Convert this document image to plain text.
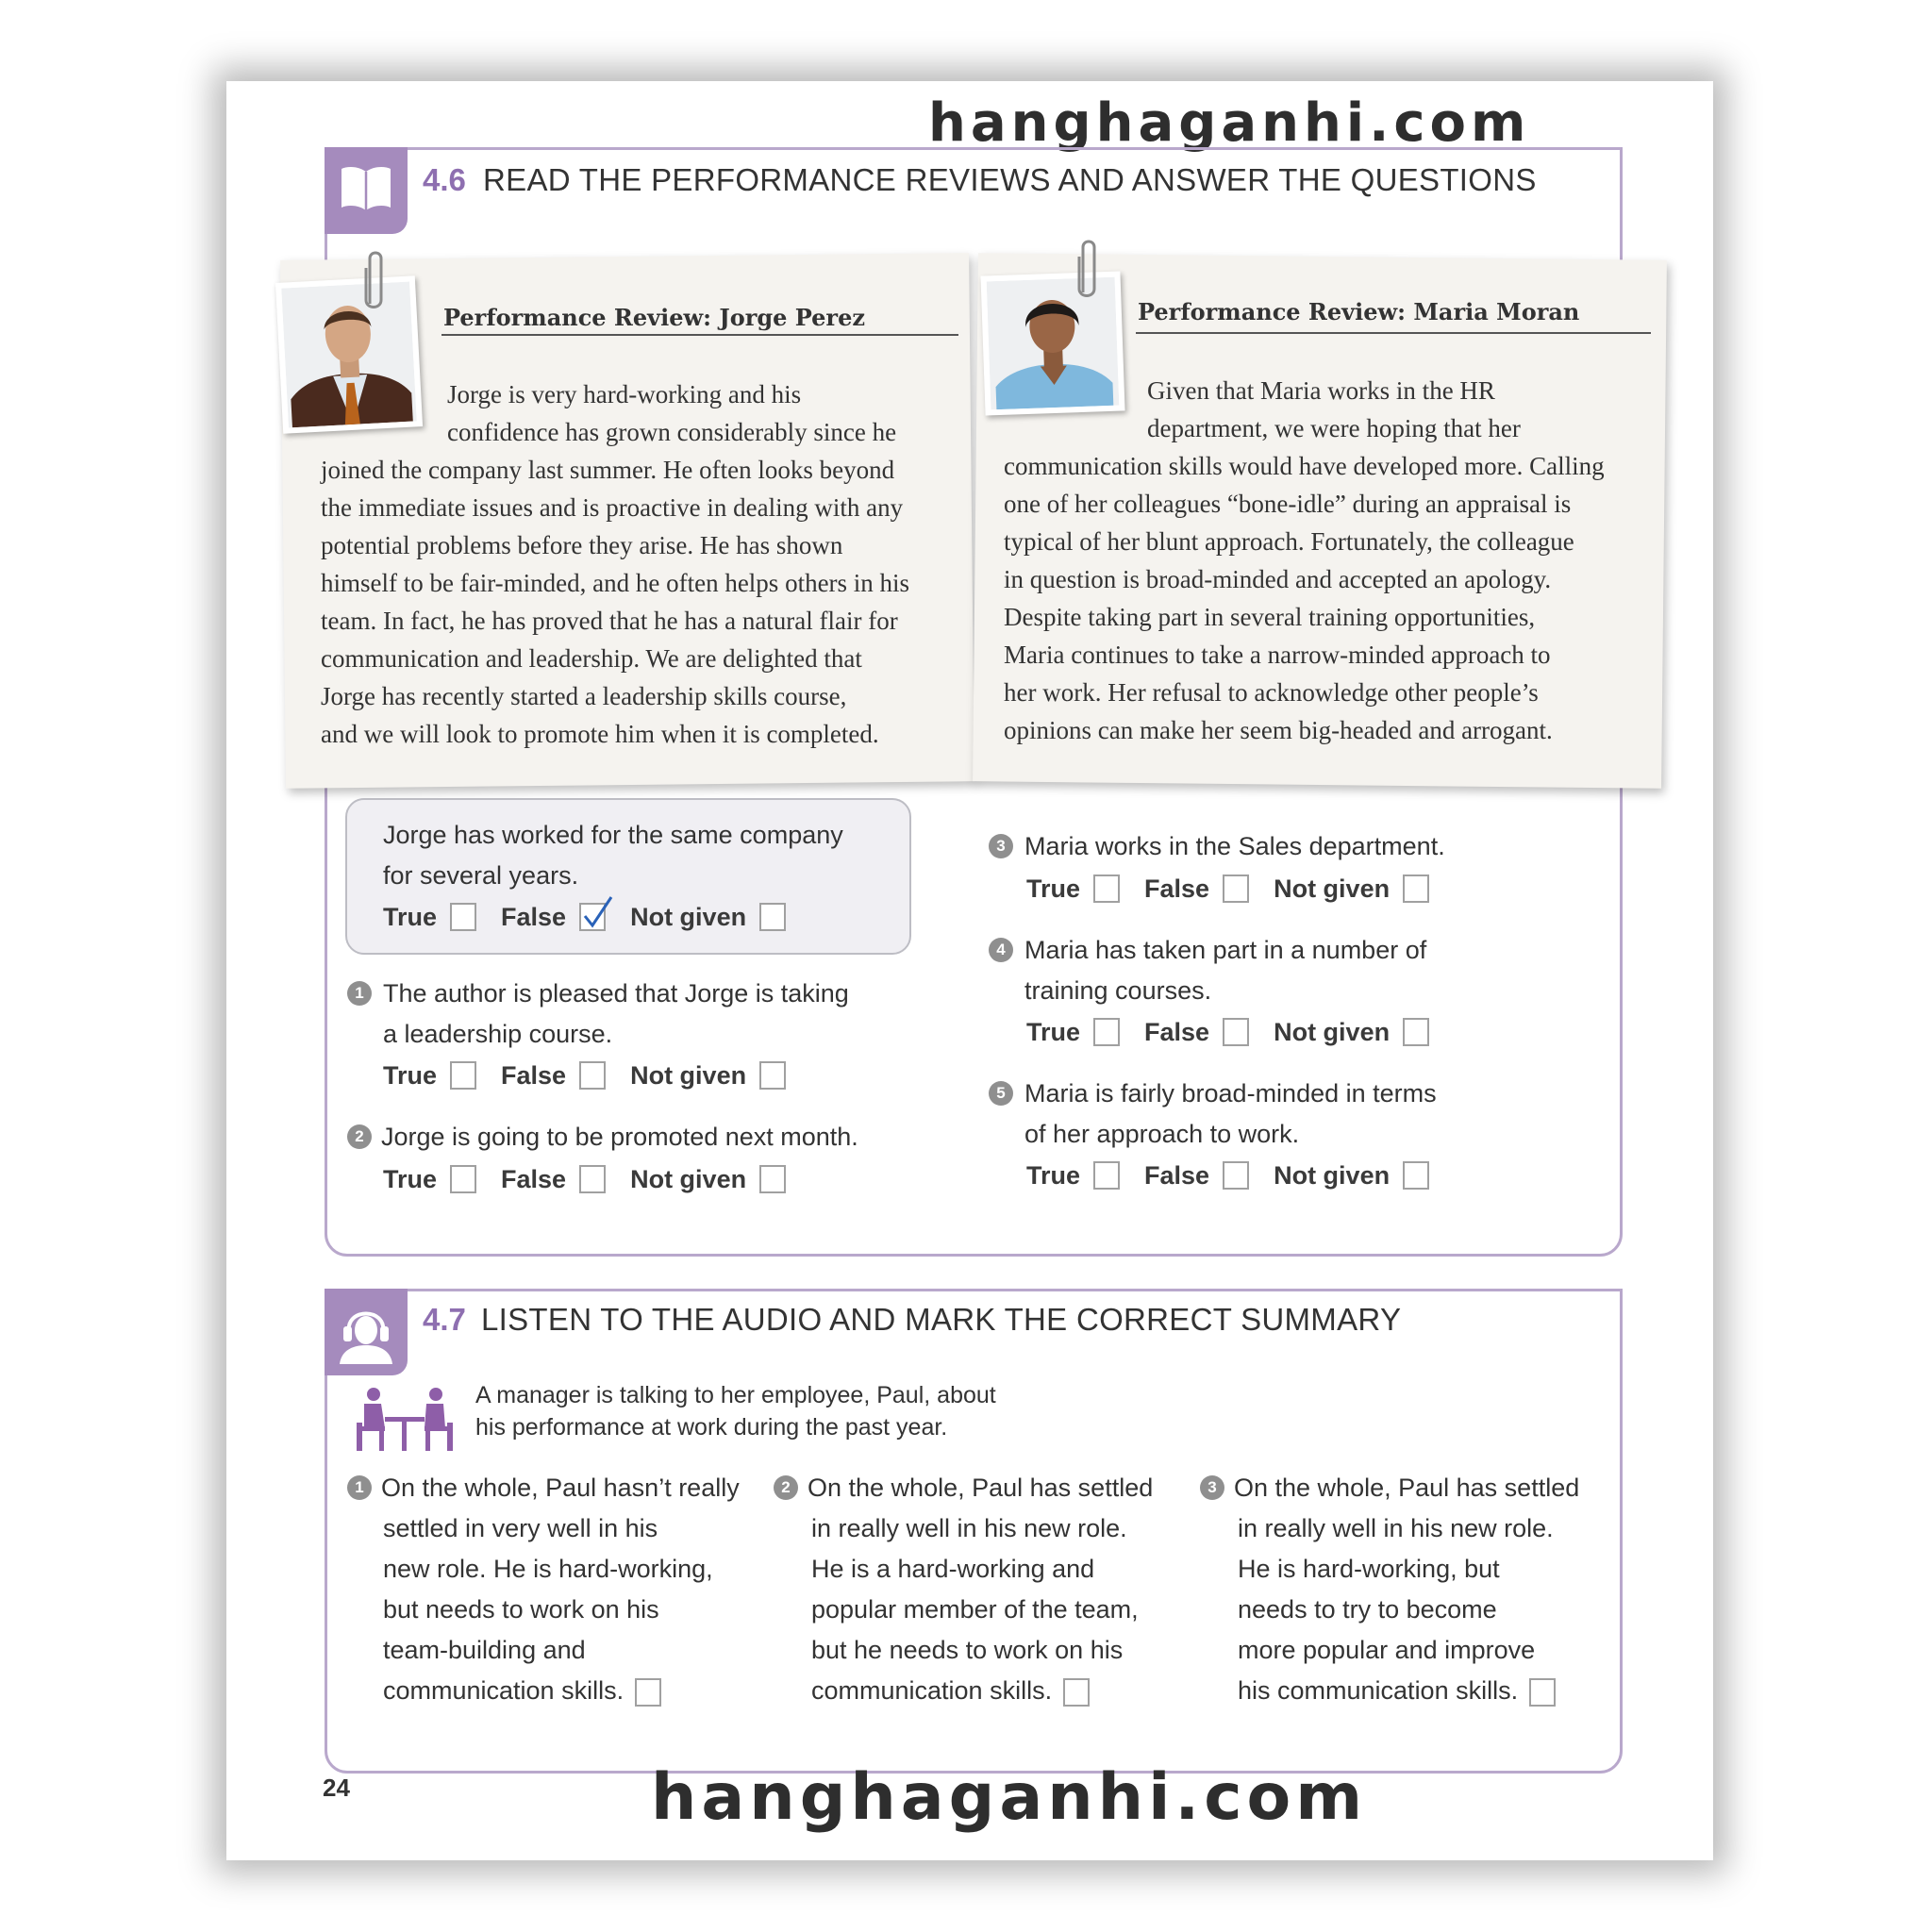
hanghaganhi.com
4.6 READ THE PERFORMANCE REVIEWS AND ANSWER THE QUESTIONS
Performance Review: Jorge Perez
Jorge is very hard-working and his
confidence has grown considerably since he
joined the company last summer. He often looks beyond
the immediate issues and is proactive in dealing with any
potential problems before they arise. He has shown
himself to be fair-minded, and he often helps others in his
team. In fact, he has proved that he has a natural flair for
communication and leadership. We are delighted that
Jorge has recently started a leadership skills course,
and we will look to promote him when it is completed.
Performance Review: Maria Moran
Given that Maria works in the HR
department, we were hoping that her
communication skills would have developed more. Calling
one of her colleagues “bone-idle” during an appraisal is
typical of her blunt approach. Fortunately, the colleague
in question is broad-minded and accepted an apology.
Despite taking part in several training opportunities,
Maria continues to take a narrow-minded approach to
her work. Her refusal to acknowledge other people’s
opinions can make her seem big-headed and arrogant.
Jorge has worked for the same company
for several years.
True	False	Not given
1 The author is pleased that Jorge is taking
a leadership course.
True	False	Not given
2 Jorge is going to be promoted next month.
True	False	Not given
3 Maria works in the Sales department.
True	False	Not given
4 Maria has taken part in a number of
training courses.
True	False	Not given
5 Maria is fairly broad-minded in terms
of her approach to work.
True	False	Not given
4.7 LISTEN TO THE AUDIO AND MARK THE CORRECT SUMMARY
A manager is talking to her employee, Paul, about
his performance at work during the past year.
1 On the whole, Paul hasn’t really
settled in very well in his
new role. He is hard-working,
but needs to work on his
team-building and
communication skills.
2 On the whole, Paul has settled
in really well in his new role.
He is a hard-working and
popular member of the team,
but he needs to work on his
communication skills.
3 On the whole, Paul has settled
in really well in his new role.
He is hard-working, but
needs to try to become
more popular and improve
his communication skills.
24	hanghaganhi.com
